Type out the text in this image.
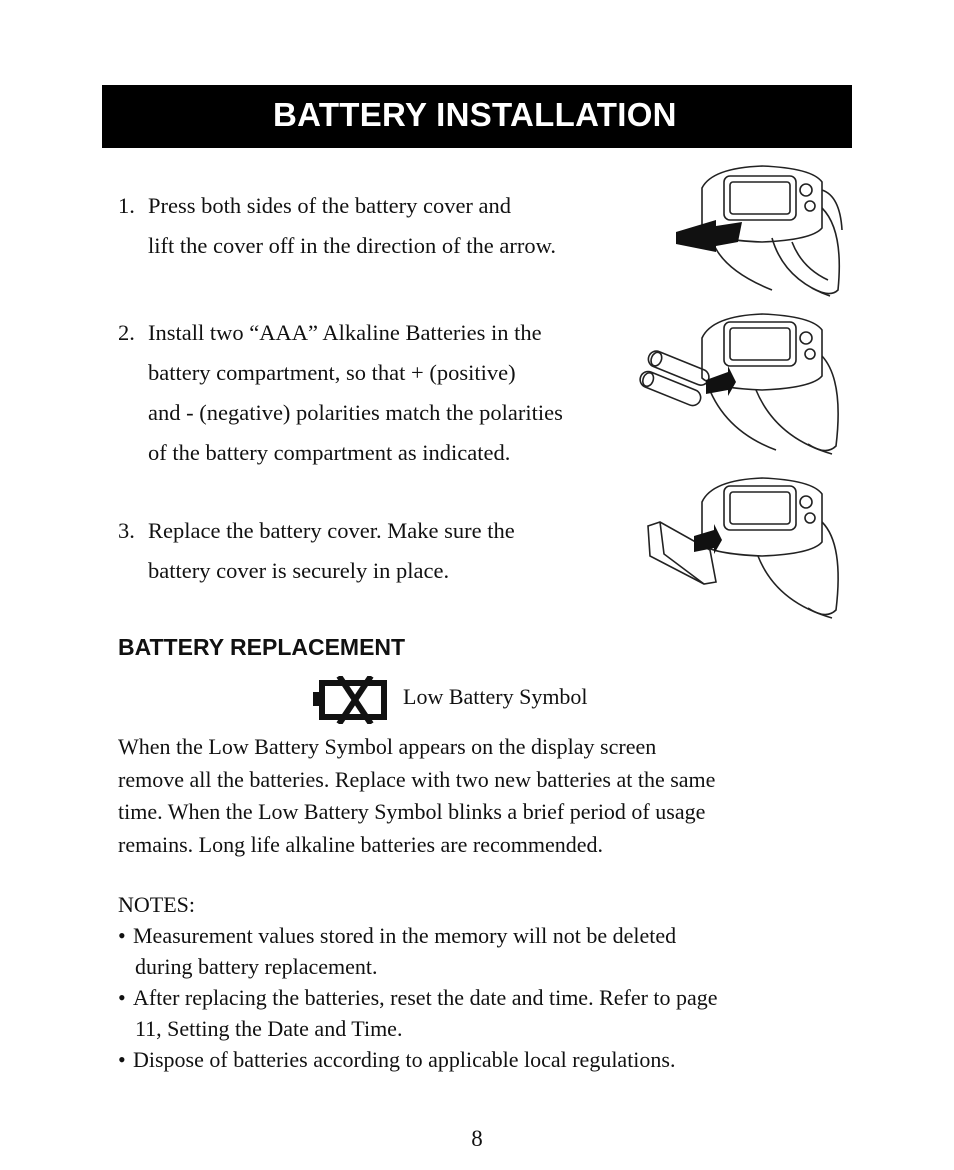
BATTERY INSTALLATION
1. Press both sides of the battery cover and
lift the cover off in the direction of the arrow.
2. Install two “AAA” Alkaline Batteries in the
battery compartment, so that + (positive)
and - (negative) polarities match the polarities
of the battery compartment as indicated.
3. Replace the battery cover. Make sure the
battery cover is securely in place.
BATTERY REPLACEMENT
Low Battery Symbol
When the Low Battery Symbol appears on the display screen
remove all the batteries. Replace with two new batteries at the same
time. When the Low Battery Symbol blinks a brief period of usage
remains. Long life alkaline batteries are recommended.
NOTES:
• Measurement values stored in the memory will not be deleted
during battery replacement.
• After replacing the batteries, reset the date and time. Refer to page
11, Setting the Date and Time.
• Dispose of batteries according to applicable local regulations.
8
